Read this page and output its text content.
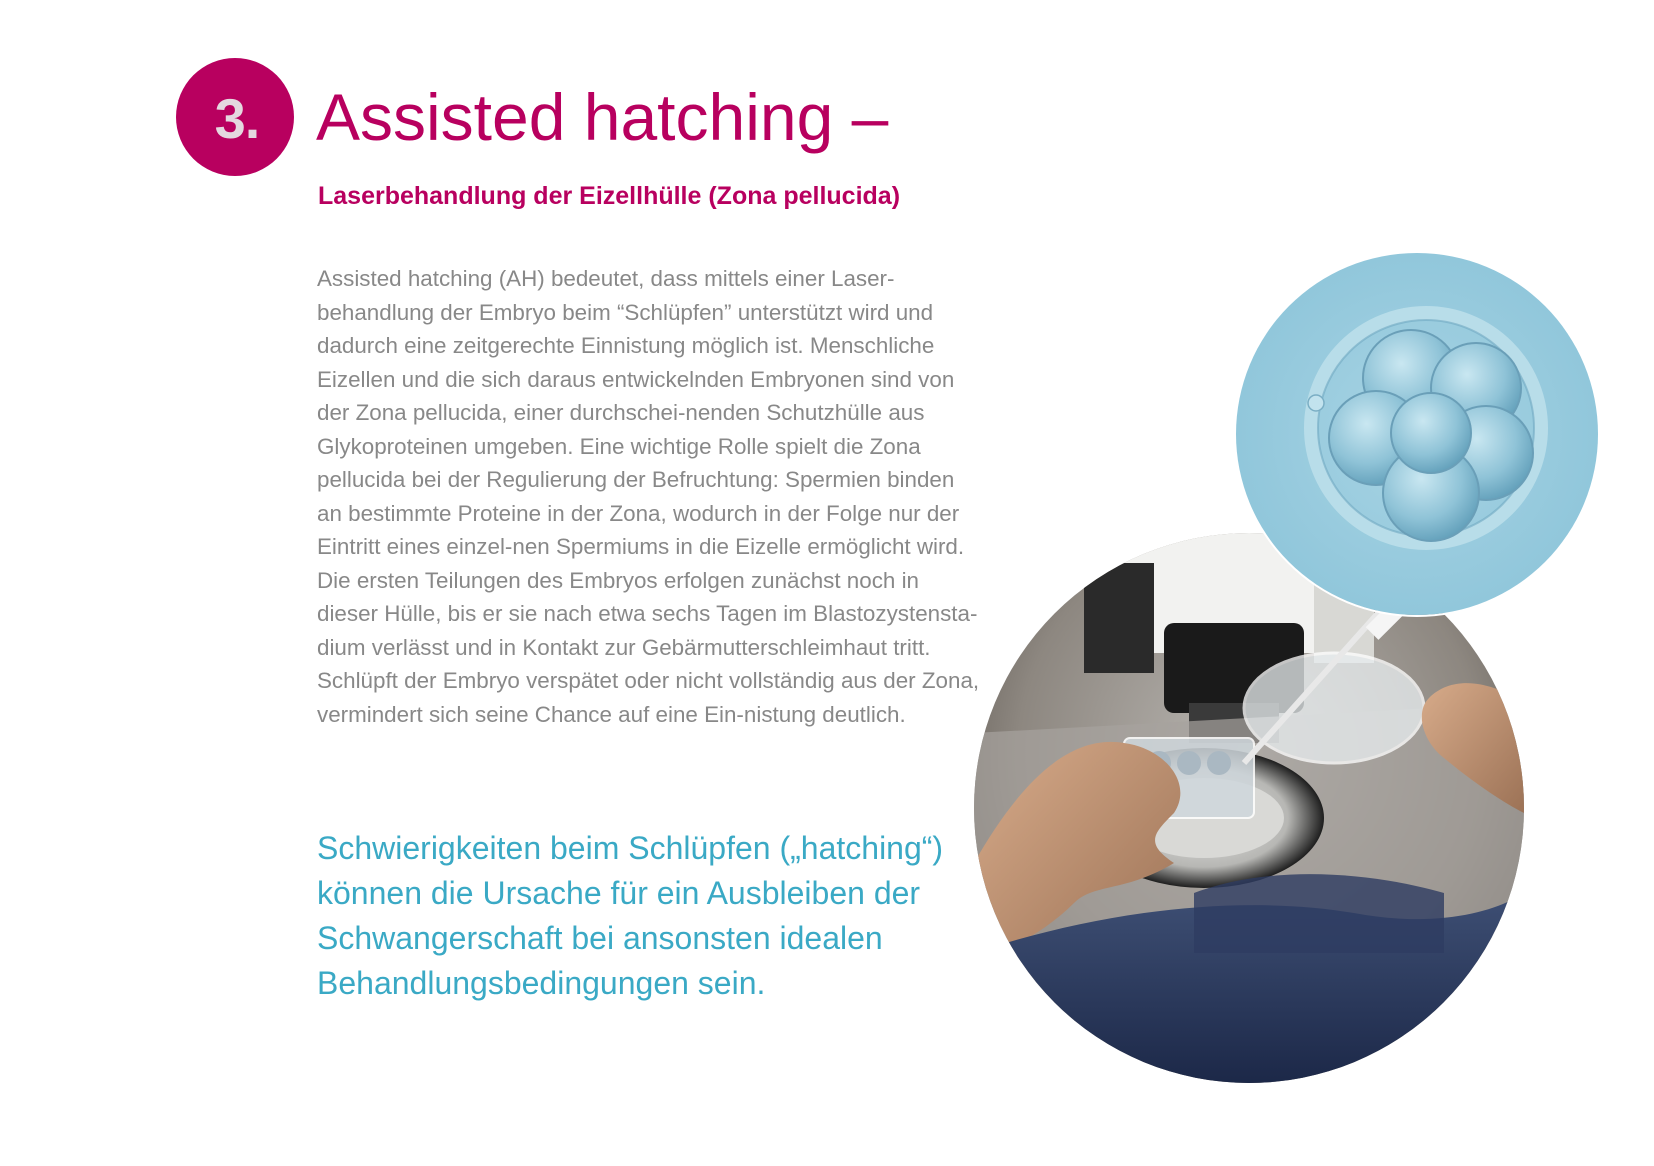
3. Assisted hatching –
Laserbehandlung der Eizellhülle (Zona pellucida)

Assisted hatching (AH) bedeutet, dass mittels einer Laser-behandlung der Embryo beim “Schlüpfen” unterstützt wird und dadurch eine zeitgerechte Einnistung möglich ist. Menschliche Eizellen und die sich daraus entwickelnden Embryonen sind von der Zona pellucida, einer durchschei-nenden Schutzhülle aus Glykoproteinen umgeben. Eine wichtige Rolle spielt die Zona pellucida bei der Regulierung der Befruchtung: Spermien binden an bestimmte Proteine in der Zona, wodurch in der Folge nur der Eintritt eines einzel-nen Spermiums in die Eizelle ermöglicht wird. Die ersten Teilungen des Embryos erfolgen zunächst noch in dieser Hülle, bis er sie nach etwa sechs Tagen im Blastozystensta-dium verlässt und in Kontakt zur Gebärmutterschleimhaut tritt. Schlüpft der Embryo verspätet oder nicht vollständig aus der Zona, vermindert sich seine Chance auf eine Ein-nistung deutlich.

Schwierigkeiten beim Schlüpfen („hatching“) können die Ursache für ein Ausbleiben der Schwangerschaft bei ansonsten idealen Behandlungsbedingungen sein.
